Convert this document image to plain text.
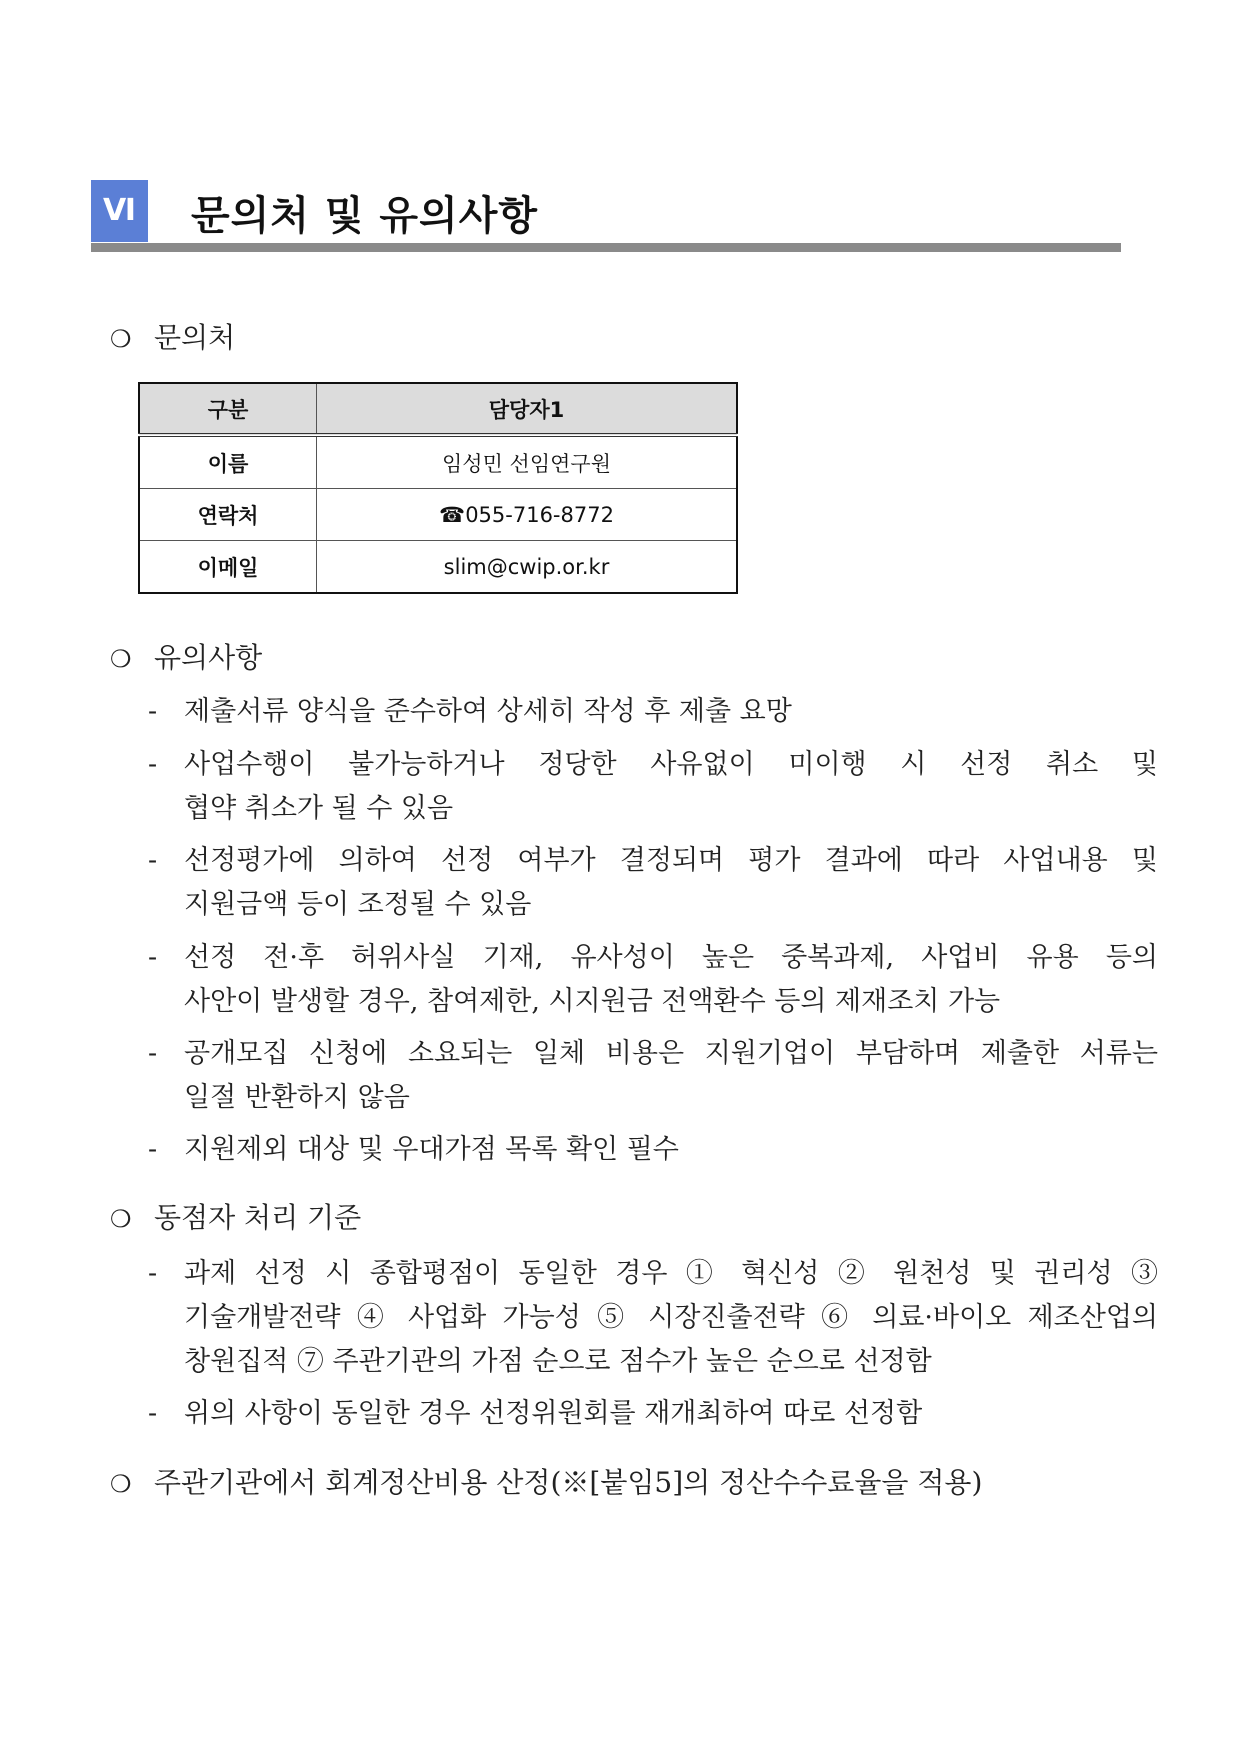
Ⅵ	문의처 및 유의사항
❍ 문의처
구분	담당자1
이름	임성민 선임연구원
연락처	☎055-716-8772
이메일	slim@cwip.or.kr
❍ 유의사항
- 제출서류 양식을 준수하여 상세히 작성 후 제출 요망
- 사업수행이 불가능하거나 정당한 사유없이 미이행 시 선정 취소 및
협약 취소가 될 수 있음
- 선정평가에 의하여 선정 여부가 결정되며 평가 결과에 따라 사업내용 및
지원금액 등이 조정될 수 있음
- 선정 전·후 허위사실 기재, 유사성이 높은 중복과제, 사업비 유용 등의
사안이 발생할 경우, 참여제한, 시지원금 전액환수 등의 제재조치 가능
- 공개모집 신청에 소요되는 일체 비용은 지원기업이 부담하며 제출한 서류는
일절 반환하지 않음
- 지원제외 대상 및 우대가점 목록 확인 필수
❍ 동점자 처리 기준
- 과제 선정 시 종합평점이 동일한 경우 ① 혁신성 ② 원천성 및 권리성 ③
기술개발전략 ④ 사업화 가능성 ⑤ 시장진출전략 ⑥ 의료·바이오 제조산업의
창원집적 ⑦ 주관기관의 가점 순으로 점수가 높은 순으로 선정함
- 위의 사항이 동일한 경우 선정위원회를 재개최하여 따로 선정함
❍ 주관기관에서 회계정산비용 산정(※[붙임5]의 정산수수료율을 적용)
